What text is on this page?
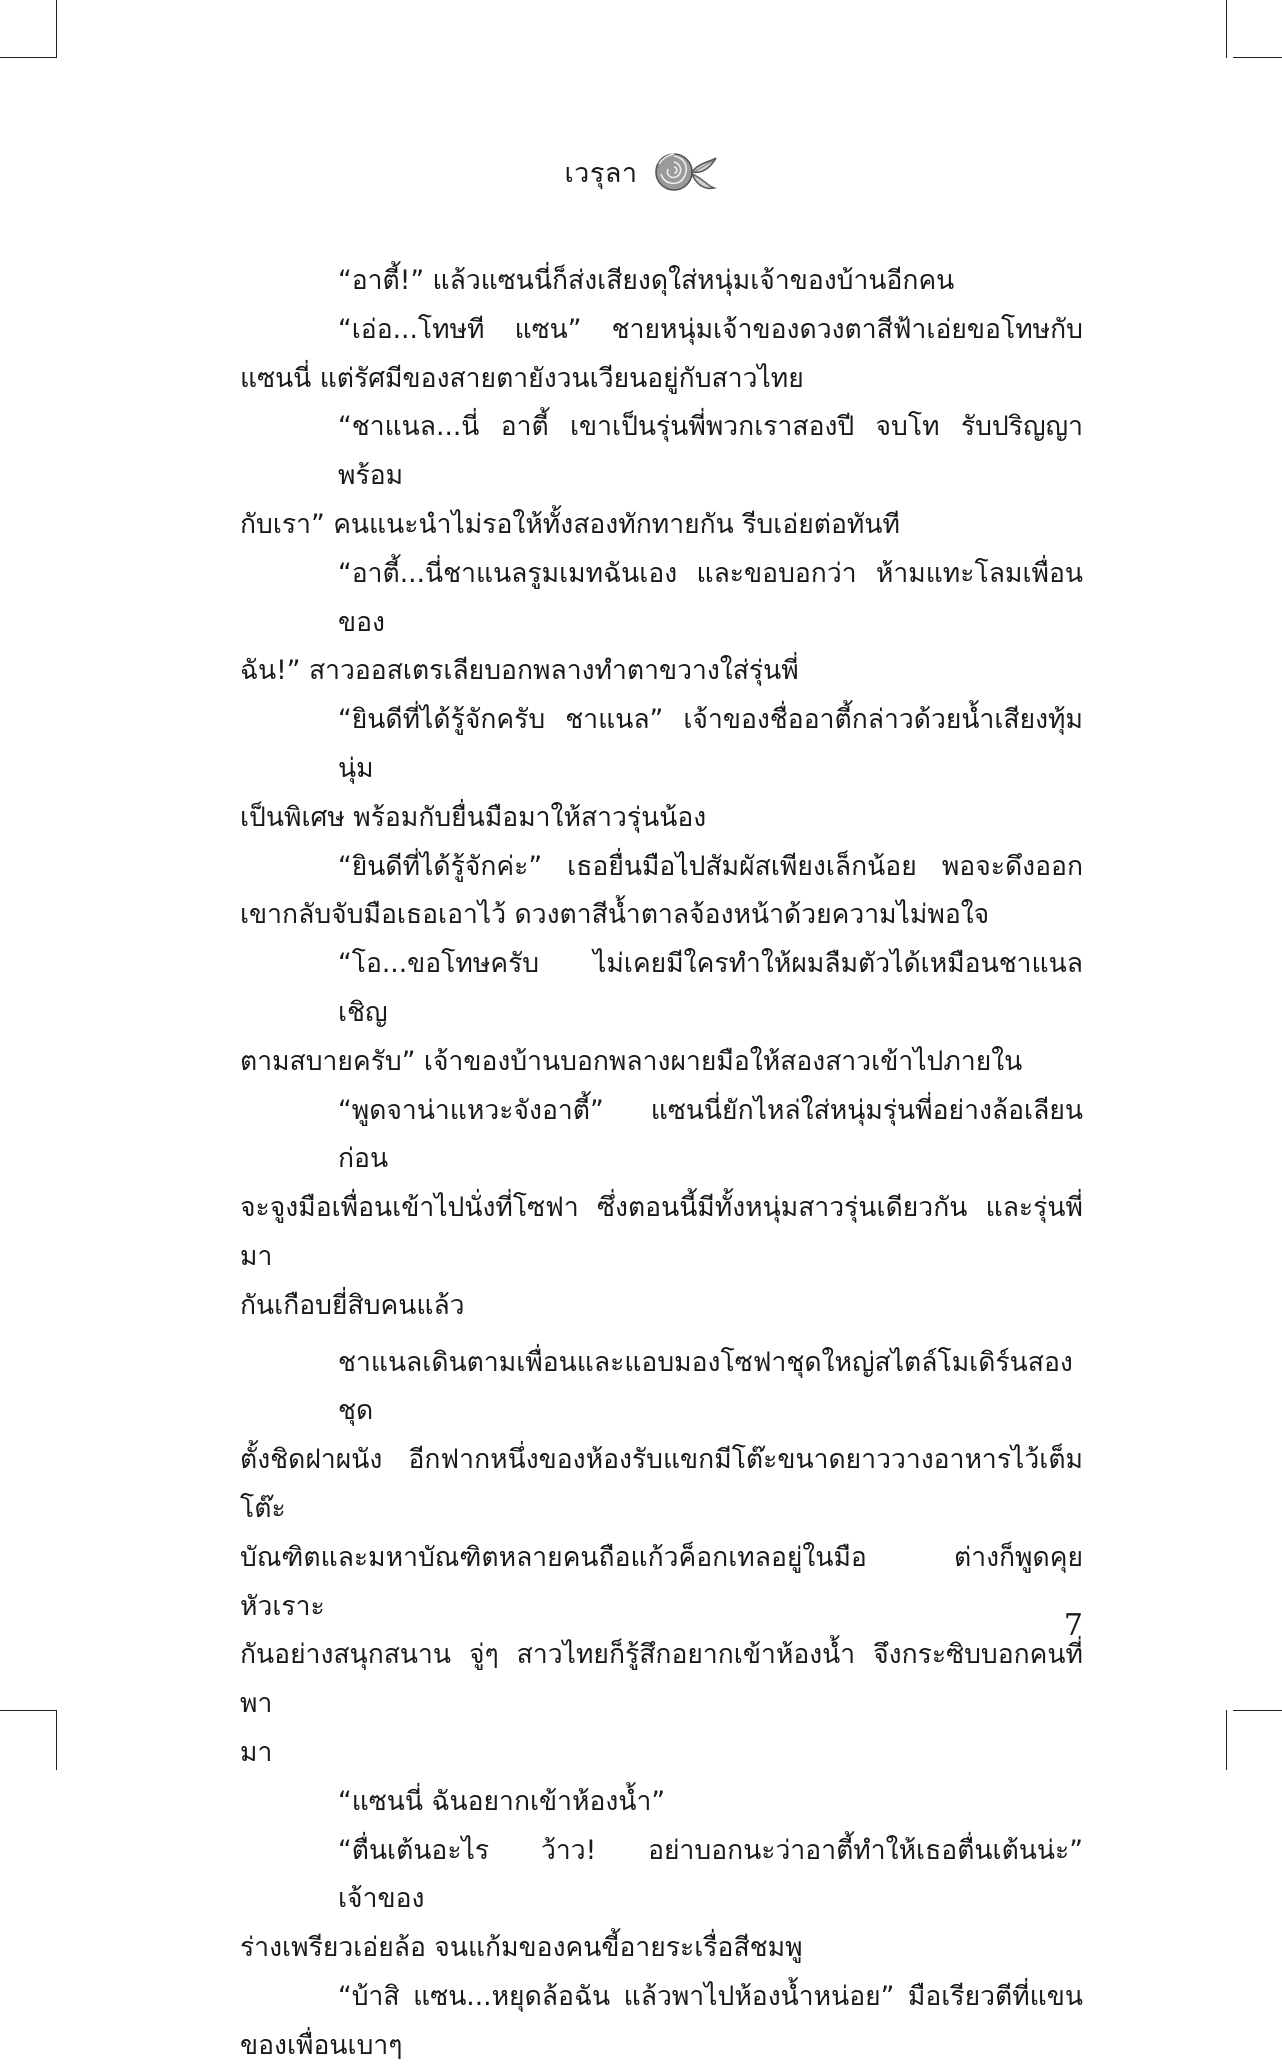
เวรุลา
“อาตี้!” แล้วแซนนี่ก็ส่งเสียงดุใส่หนุ่มเจ้าของบ้านอีกคน
“เอ่อ...โทษที แซน” ชายหนุ่มเจ้าของดวงตาสีฟ้าเอ่ยขอโทษกับ
แซนนี่ แต่รัศมีของสายตายังวนเวียนอยู่กับสาวไทย
“ชาแนล...นี่ อาตี้ เขาเป็นรุ่นพี่พวกเราสองปี จบโท รับปริญญาพร้อม
กับเรา” คนแนะนำไม่รอให้ทั้งสองทักทายกัน รีบเอ่ยต่อทันที
“อาตี้...นี่ชาแนลรูมเมทฉันเอง และขอบอกว่า ห้ามแทะโลมเพื่อนของ
ฉัน!” สาวออสเตรเลียบอกพลางทำตาขวางใส่รุ่นพี่
“ยินดีที่ได้รู้จักครับ ชาแนล” เจ้าของชื่ออาตี้กล่าวด้วยน้ำเสียงทุ้มนุ่ม
เป็นพิเศษ พร้อมกับยื่นมือมาให้สาวรุ่นน้อง
“ยินดีที่ได้รู้จักค่ะ” เธอยื่นมือไปสัมผัสเพียงเล็กน้อย พอจะดึงออก
เขากลับจับมือเธอเอาไว้ ดวงตาสีน้ำตาลจ้องหน้าด้วยความไม่พอใจ
“โอ...ขอโทษครับ ไม่เคยมีใครทำให้ผมลืมตัวได้เหมือนชาแนล เชิญ
ตามสบายครับ” เจ้าของบ้านบอกพลางผายมือให้สองสาวเข้าไปภายใน
“พูดจาน่าแหวะจังอาตี้” แซนนี่ยักไหล่ใส่หนุ่มรุ่นพี่อย่างล้อเลียน ก่อน
จะจูงมือเพื่อนเข้าไปนั่งที่โซฟา ซึ่งตอนนี้มีทั้งหนุ่มสาวรุ่นเดียวกัน และรุ่นพี่มา
กันเกือบยี่สิบคนแล้ว
ชาแนลเดินตามเพื่อนและแอบมองโซฟาชุดใหญ่สไตล์โมเดิร์นสองชุด
ตั้งชิดฝาผนัง อีกฟากหนึ่งของห้องรับแขกมีโต๊ะขนาดยาววางอาหารไว้เต็มโต๊ะ
บัณฑิตและมหาบัณฑิตหลายคนถือแก้วค็อกเทลอยู่ในมือ ต่างก็พูดคุยหัวเราะ
กันอย่างสนุกสนาน จู่ๆ สาวไทยก็รู้สึกอยากเข้าห้องน้ำ จึงกระซิบบอกคนที่พา
มา
“แซนนี่ ฉันอยากเข้าห้องน้ำ”
“ตื่นเต้นอะไร ว้าว! อย่าบอกนะว่าอาตี้ทำให้เธอตื่นเต้นน่ะ” เจ้าของ
ร่างเพรียวเอ่ยล้อ จนแก้มของคนขี้อายระเรื่อสีชมพู
“บ้าสิ แซน...หยุดล้อฉัน แล้วพาไปห้องน้ำหน่อย” มือเรียวตีที่แขน
ของเพื่อนเบาๆ
7
